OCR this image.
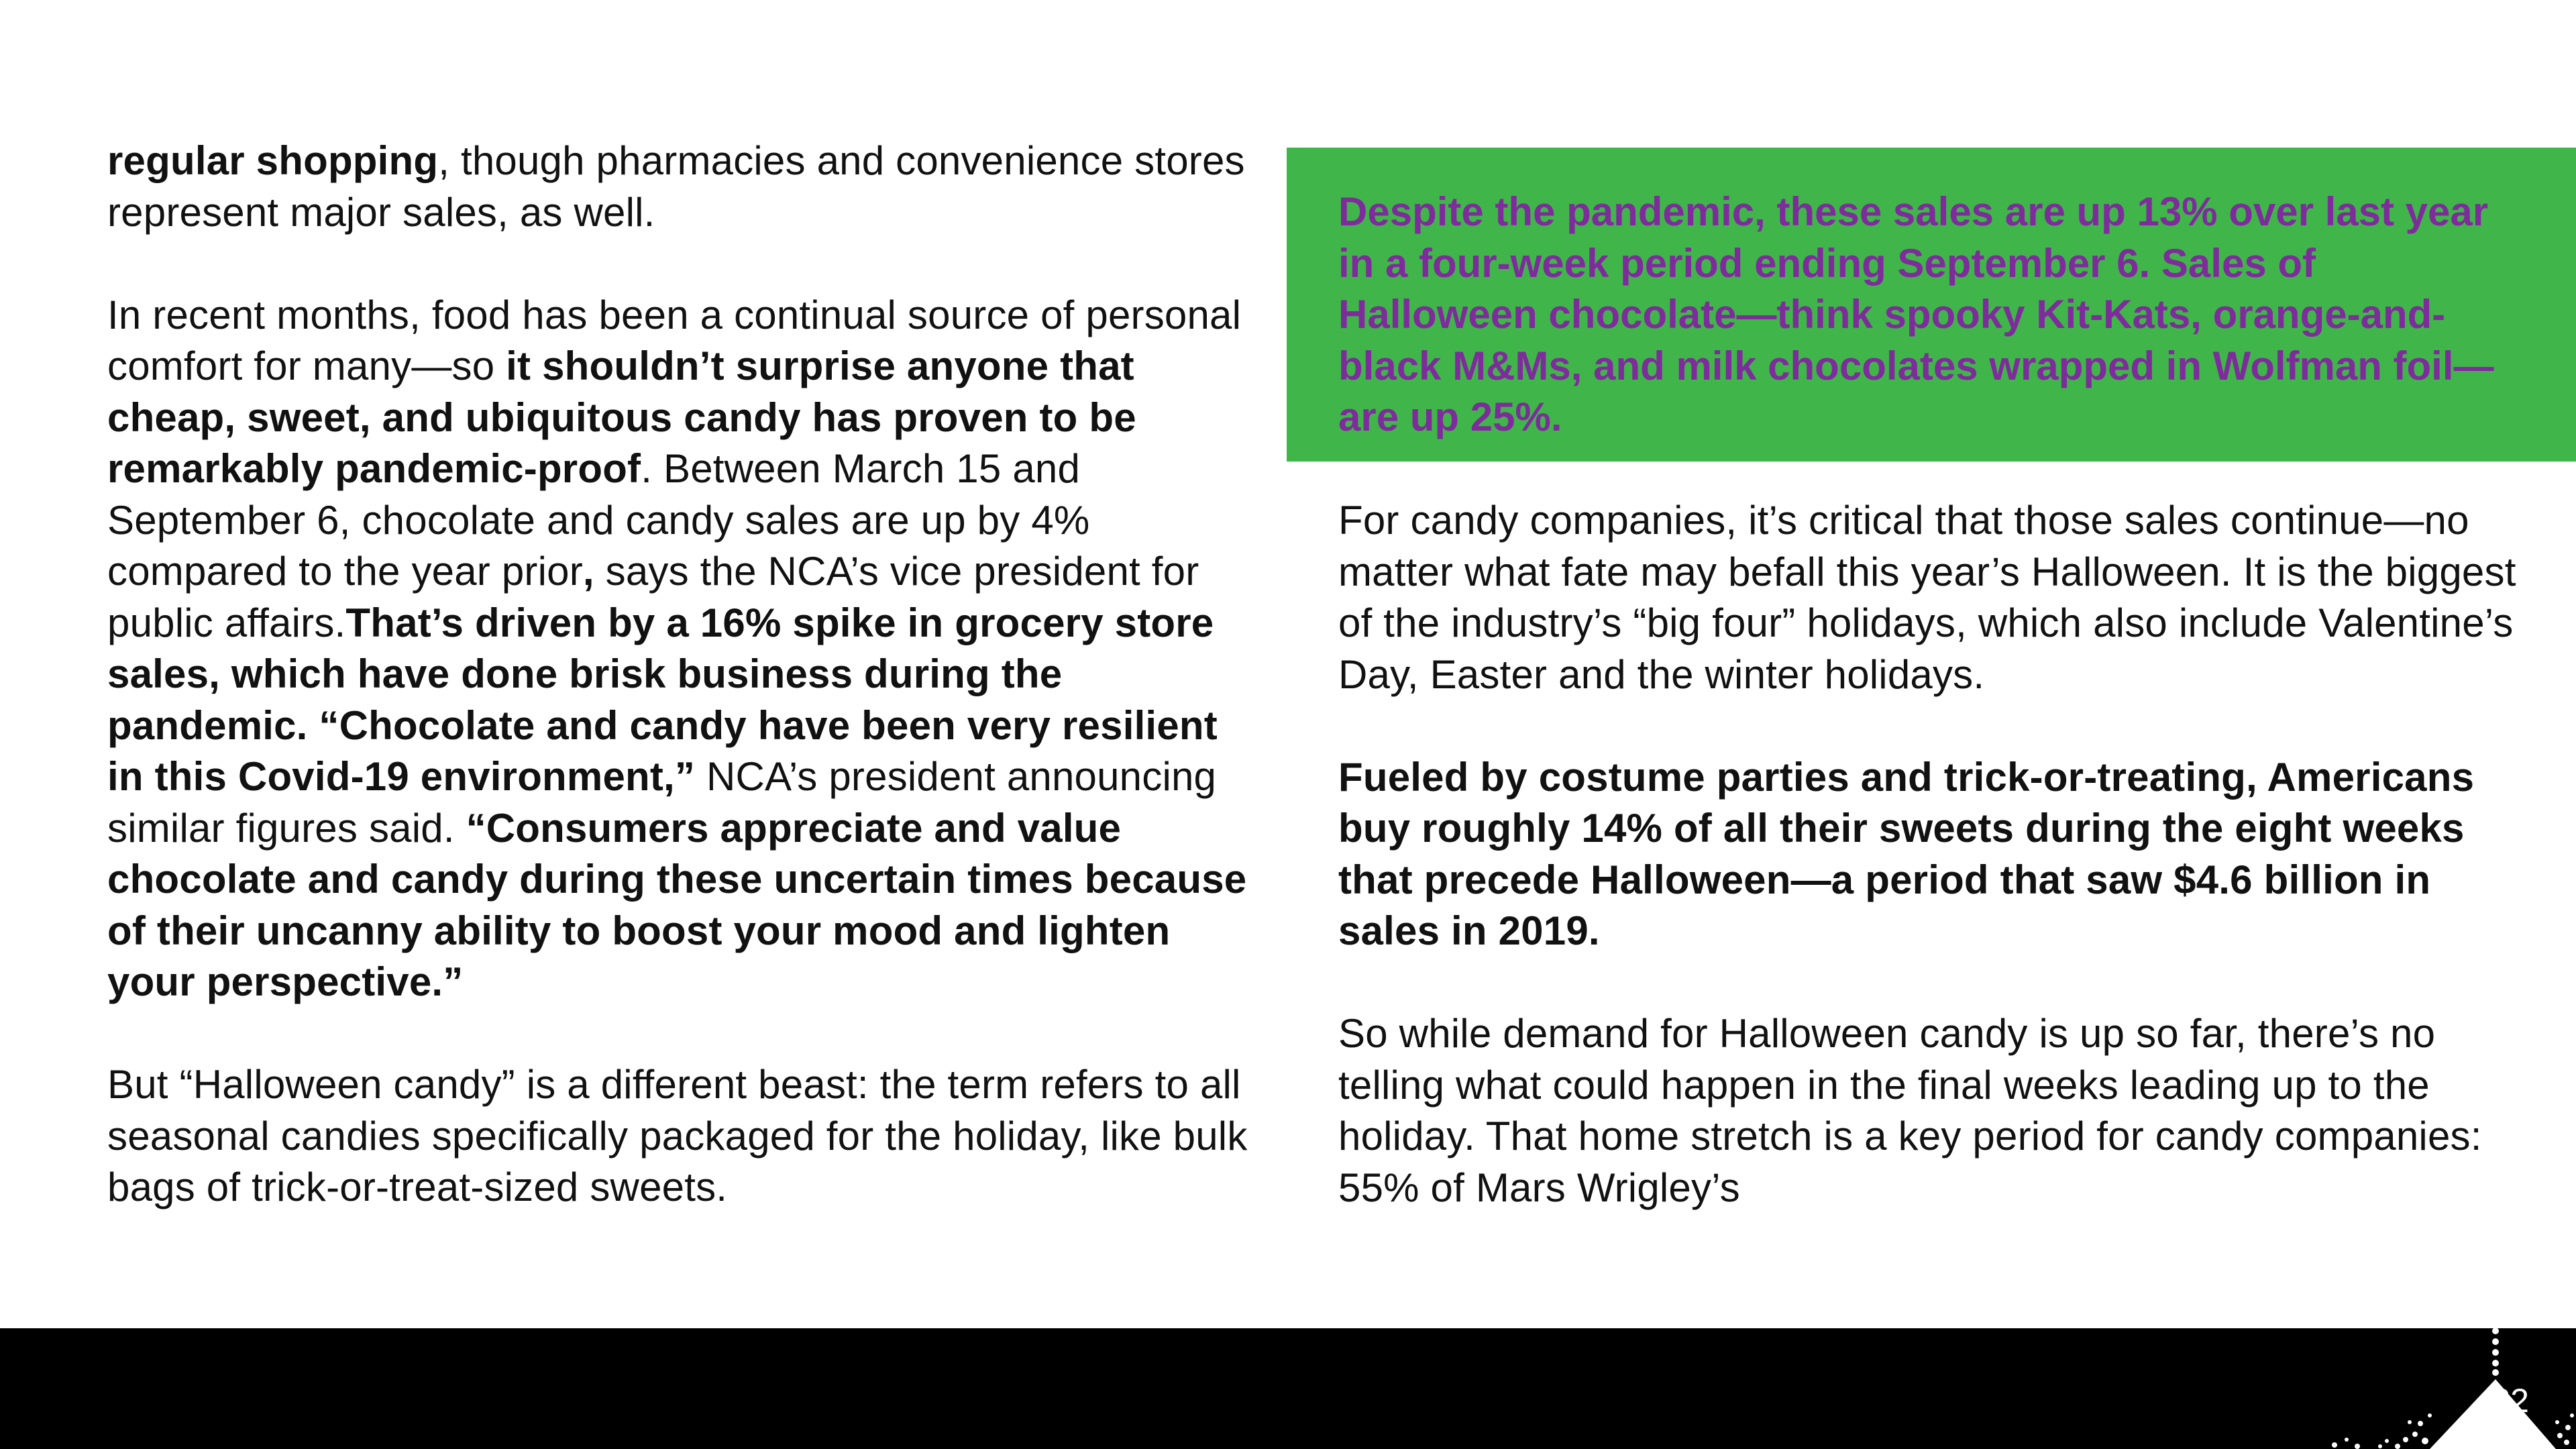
regular shopping, though pharmacies and convenience stores represent major sales, as well.

In recent months, food has been a continual source of personal comfort for many—so it shouldn’t surprise anyone that cheap, sweet, and ubiquitous candy has proven to be remarkably pandemic-proof. Between March 15 and September 6, chocolate and candy sales are up by 4% compared to the year prior, says the NCA’s vice president for public affairs.That’s driven by a 16% spike in grocery store sales, which have done brisk business during the pandemic. “Chocolate and candy have been very resilient in this Covid-19 environment,” NCA’s president announcing similar figures said. “Consumers appreciate and value chocolate and candy during these uncertain times because of their uncanny ability to boost your mood and lighten your perspective.”

But “Halloween candy” is a different beast: the term refers to all seasonal candies specifically packaged for the holiday, like bulk bags of trick-or-treat-sized sweets.

Despite the pandemic, these sales are up 13% over last year in a four-week period ending September 6. Sales of Halloween chocolate—think spooky Kit-Kats, orange-and-black M&Ms, and milk chocolates wrapped in Wolfman foil—are up 25%.

For candy companies, it’s critical that those sales continue—no matter what fate may befall this year’s Halloween. It is the biggest of the industry’s “big four” holidays, which also include Valentine’s Day, Easter and the winter holidays.

Fueled by costume parties and trick-or-treating, Americans buy roughly 14% of all their sweets during the eight weeks that precede Halloween—a period that saw $4.6 billion in sales in 2019.

So while demand for Halloween candy is up so far, there’s no telling what could happen in the final weeks leading up to the holiday. That home stretch is a key period for candy companies: 55% of Mars Wrigley’s

22
